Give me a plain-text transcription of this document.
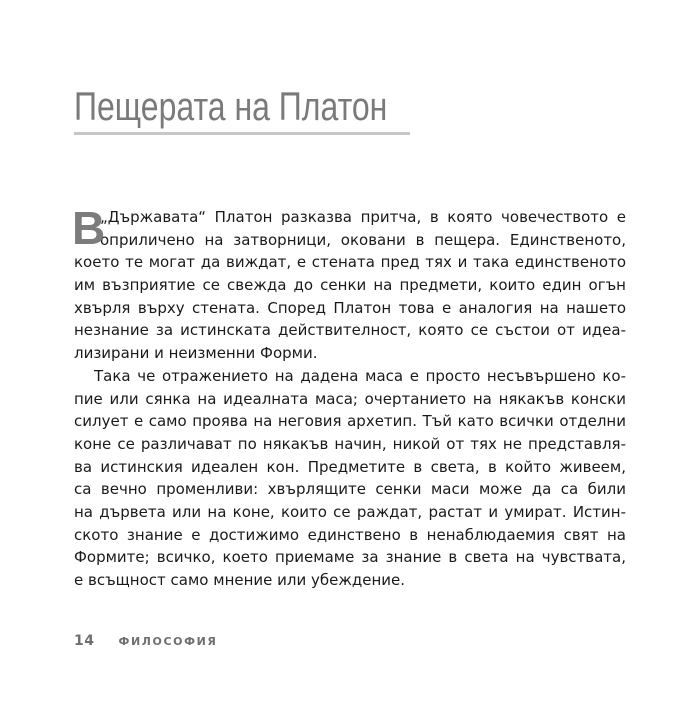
Пещерата на Платон
В
„Държавата“ Платон разказва притча, в която човечеството е
оприличено на затворници, оковани в пещера. Единственото,
което те могат да виждат, е стената пред тях и така единственото
им възприятие се свежда до сенки на предмети, които един огън
хвърля върху стената. Според Платон това е аналогия на нашето
незнание за истинската действителност, която се състои от идеа-
лизирани и неизменни Форми.
Така че отражението на дадена маса е просто несъвършено ко-
пие или сянка на идеалната маса; очертанието на някакъв конски
силует е само проява на неговия архетип. Тъй като всички отделни
коне се различават по някакъв начин, никой от тях не представля-
ва истинския идеален кон. Предметите в света, в който живеем,
са вечно променливи: хвърлящите сенки маси може да са били
на дървета или на коне, които се раждат, растат и умират. Истин-
ското знание е достижимо единствено в ненаблюдаемия свят на
Формите; всичко, което приемаме за знание в света на чувствата,
е всъщност само мнение или убеждение.
14 ФИЛОСОФИЯ
